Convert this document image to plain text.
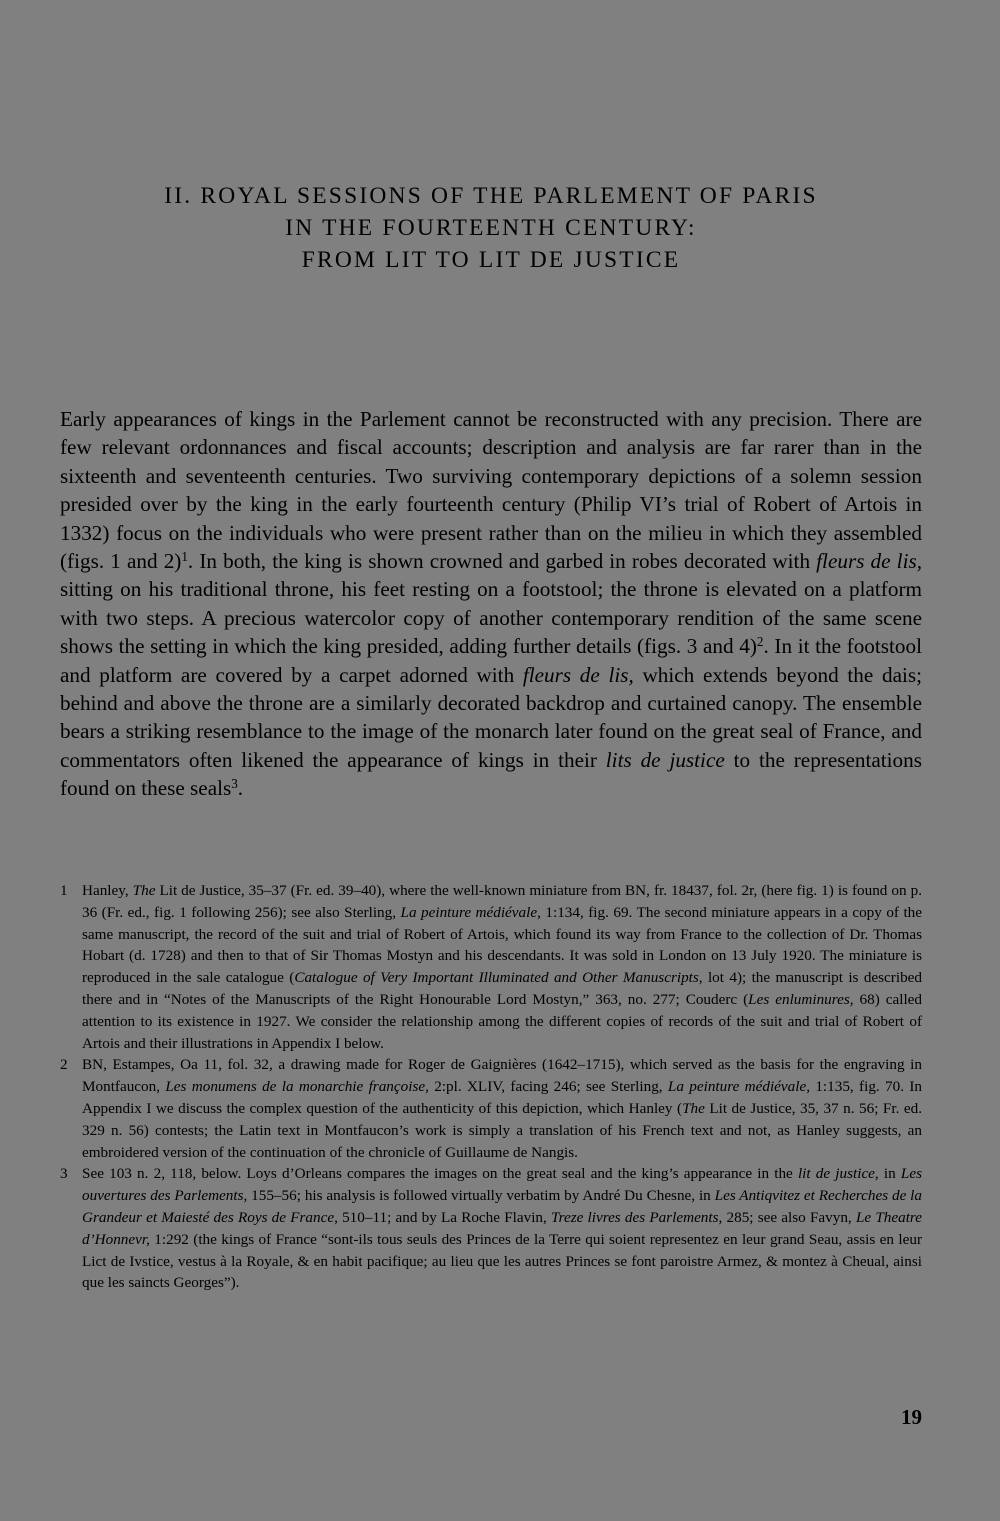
II. ROYAL SESSIONS OF THE PARLEMENT OF PARIS
IN THE FOURTEENTH CENTURY:
FROM LIT TO LIT DE JUSTICE

Early appearances of kings in the Parlement cannot be reconstructed with any precision. There are few relevant ordonnances and fiscal accounts; description and analysis are far rarer than in the sixteenth and seventeenth centuries. Two surviving contemporary depictions of a solemn session presided over by the king in the early fourteenth century (Philip VI’s trial of Robert of Artois in 1332) focus on the individuals who were present rather than on the milieu in which they assembled (figs. 1 and 2)$^1$. In both, the king is shown crowned and garbed in robes decorated with fleurs de lis, sitting on his traditional throne, his feet resting on a footstool; the throne is elevated on a platform with two steps. A precious watercolor copy of another contemporary rendition of the same scene shows the setting in which the king presided, adding further details (figs. 3 and 4)$^2$. In it the footstool and platform are covered by a carpet adorned with fleurs de lis, which extends beyond the dais; behind and above the throne are a similarly decorated backdrop and curtained canopy. The ensemble bears a striking resemblance to the image of the monarch later found on the great seal of France, and commentators often likened the appearance of kings in their lits de justice to the representations found on these seals$^3$.

1 Hanley, The Lit de Justice, 35–37 (Fr. ed. 39–40), where the well-known miniature from BN, fr. 18437, fol. 2r, (here fig. 1) is found on p. 36 (Fr. ed., fig. 1 following 256); see also Sterling, La peinture médiévale, 1:134, fig. 69. The second miniature appears in a copy of the same manuscript, the record of the suit and trial of Robert of Artois, which found its way from France to the collection of Dr. Thomas Hobart (d. 1728) and then to that of Sir Thomas Mostyn and his descendants. It was sold in London on 13 July 1920. The miniature is reproduced in the sale catalogue (Catalogue of Very Important Illuminated and Other Manuscripts, lot 4); the manuscript is described there and in “Notes of the Manuscripts of the Right Honourable Lord Mostyn,” 363, no. 277; Couderc (Les enluminures, 68) called attention to its existence in 1927. We consider the relationship among the different copies of records of the suit and trial of Robert of Artois and their illustrations in Appendix I below.
2 BN, Estampes, Oa 11, fol. 32, a drawing made for Roger de Gaignières (1642–1715), which served as the basis for the engraving in Montfaucon, Les monumens de la monarchie françoise, 2:pl. XLIV, facing 246; see Sterling, La peinture médiévale, 1:135, fig. 70. In Appendix I we discuss the complex question of the authenticity of this depiction, which Hanley (The Lit de Justice, 35, 37 n. 56; Fr. ed. 329 n. 56) contests; the Latin text in Montfaucon’s work is simply a translation of his French text and not, as Hanley suggests, an embroidered version of the continuation of the chronicle of Guillaume de Nangis.
3 See 103 n. 2, 118, below. Loys d’Orleans compares the images on the great seal and the king’s appearance in the lit de justice, in Les ouvertures des Parlements, 155–56; his analysis is followed virtually verbatim by André Du Chesne, in Les Antiqvitez et Recherches de la Grandeur et Maiesté des Roys de France, 510–11; and by La Roche Flavin, Treze livres des Parlements, 285; see also Favyn, Le Theatre d’Honnevr, 1:292 (the kings of France “sont-ils tous seuls des Princes de la Terre qui soient representez en leur grand Seau, assis en leur Lict de Ivstice, vestus à la Royale, & en habit pacifique; au lieu que les autres Princes se font paroistre Armez, & montez à Cheual, ainsi que les saincts Georges”).
19
